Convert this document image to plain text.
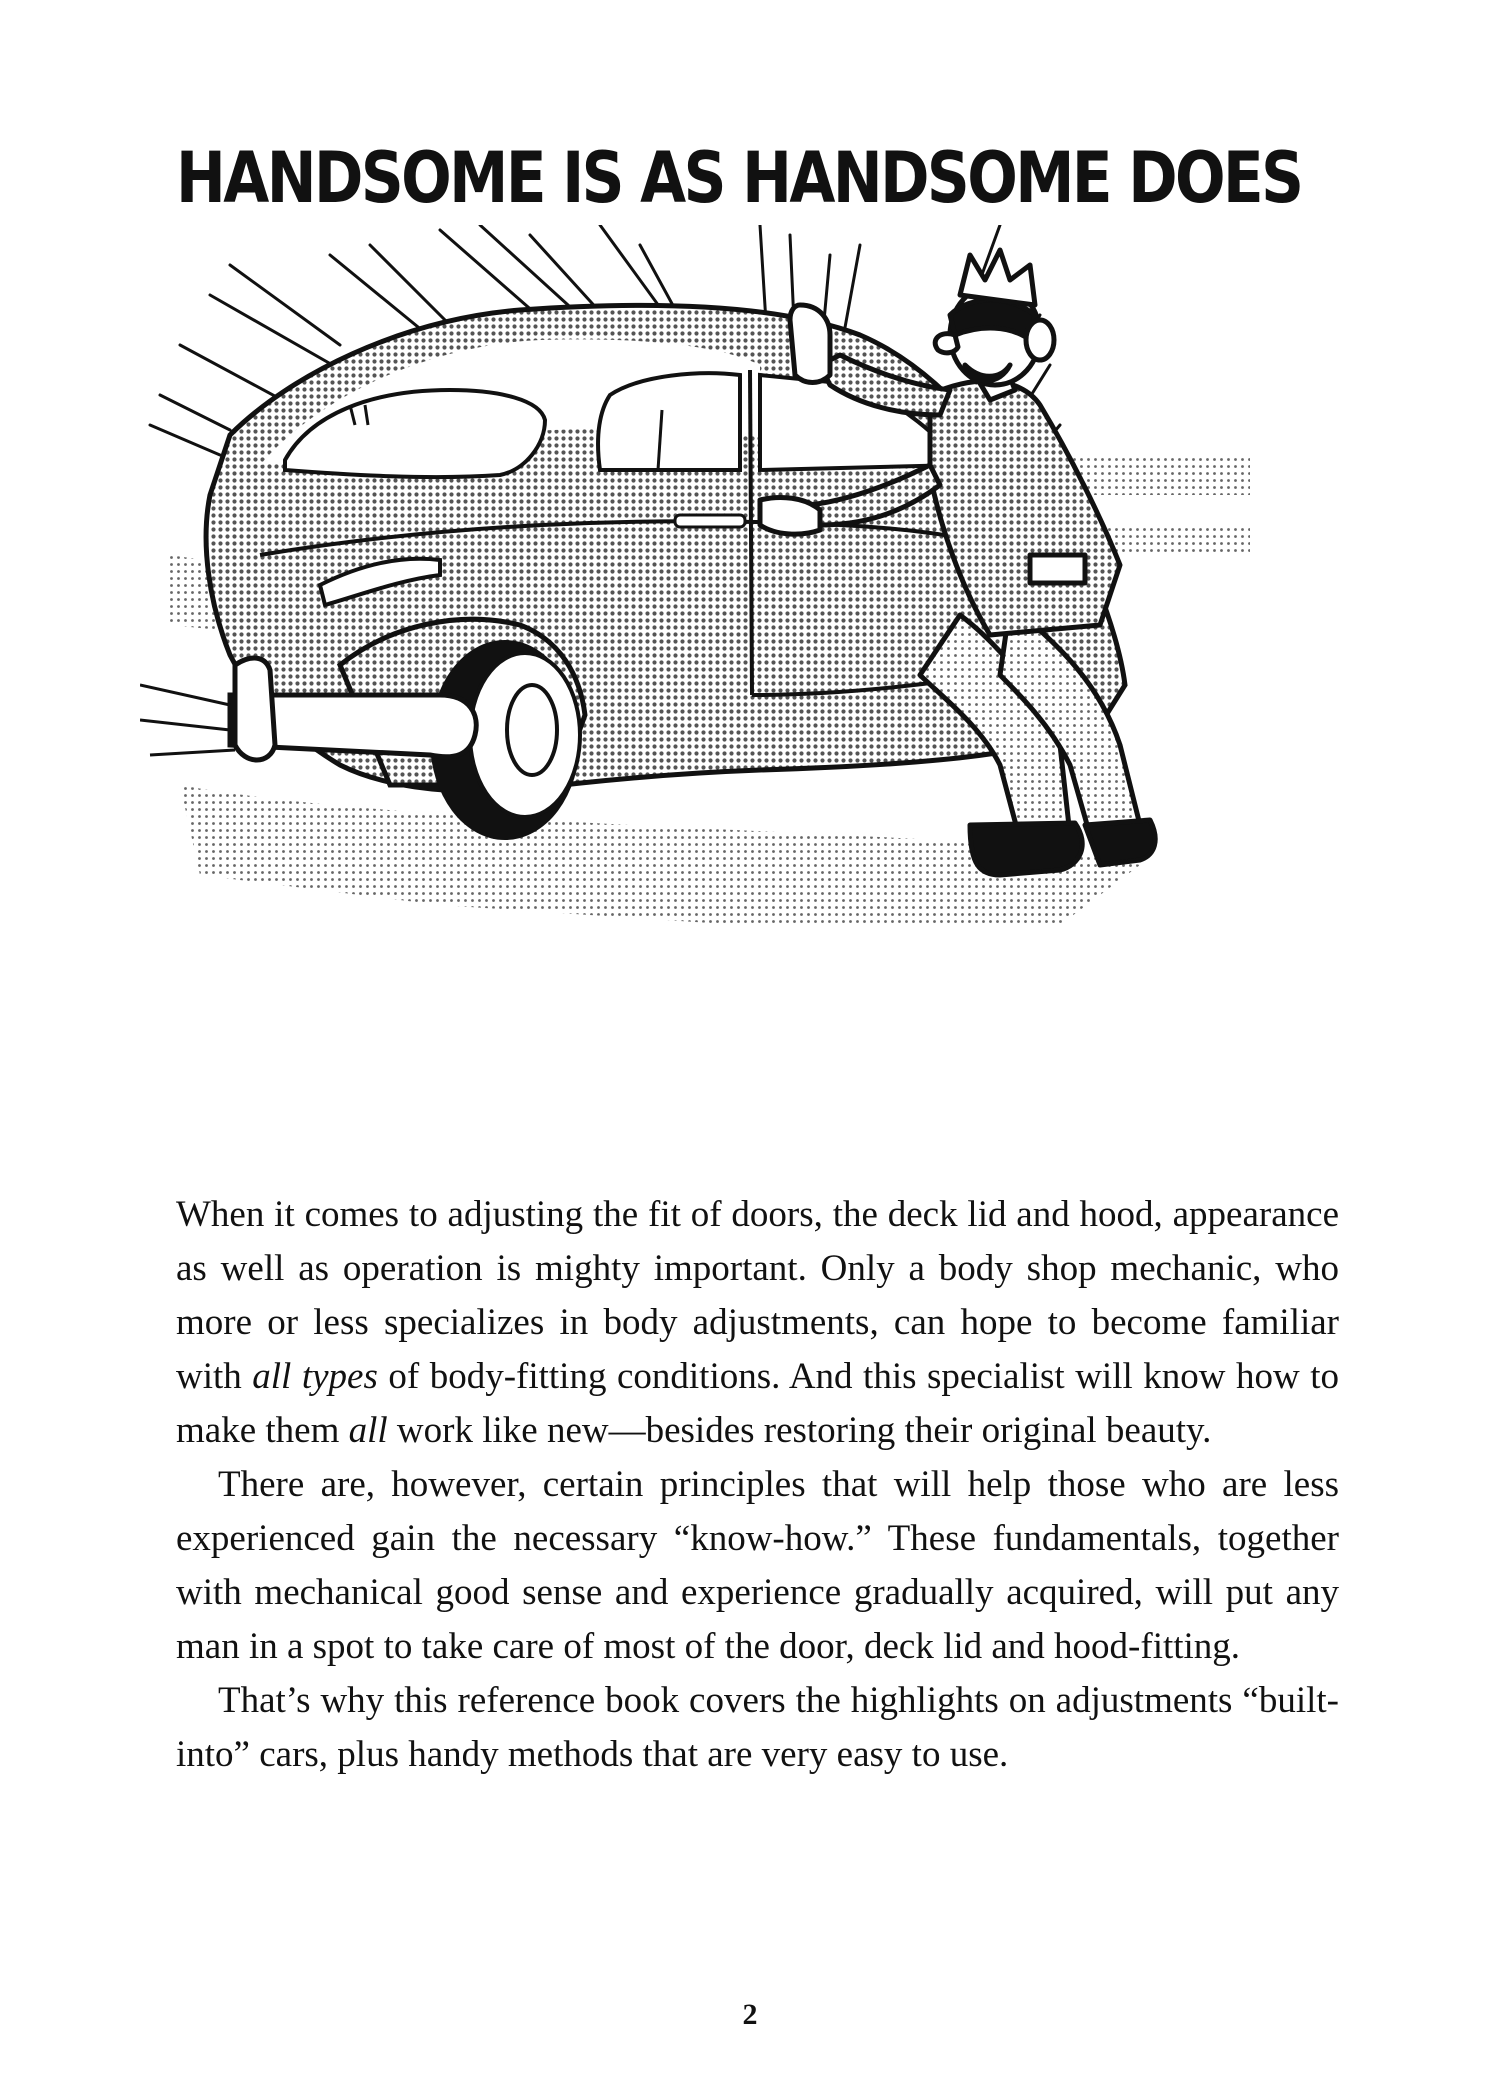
HANDSOME IS AS HANDSOME DOES

When it comes to adjusting the fit of doors, the deck lid and hood, appearance as well as operation is mighty important. Only a body shop mechanic, who more or less specializes in body adjustments, can hope to become familiar with all types of body-fitting conditions. And this specialist will know how to make them all work like new—besides restoring their original beauty.

There are, however, certain principles that will help those who are less experienced gain the necessary “know-how.” These fundamentals, together with mechanical good sense and experience gradually acquired, will put any man in a spot to take care of most of the door, deck lid and hood-fitting.

That’s why this reference book covers the highlights on adjustments “built-into” cars, plus handy methods that are very easy to use.

2
